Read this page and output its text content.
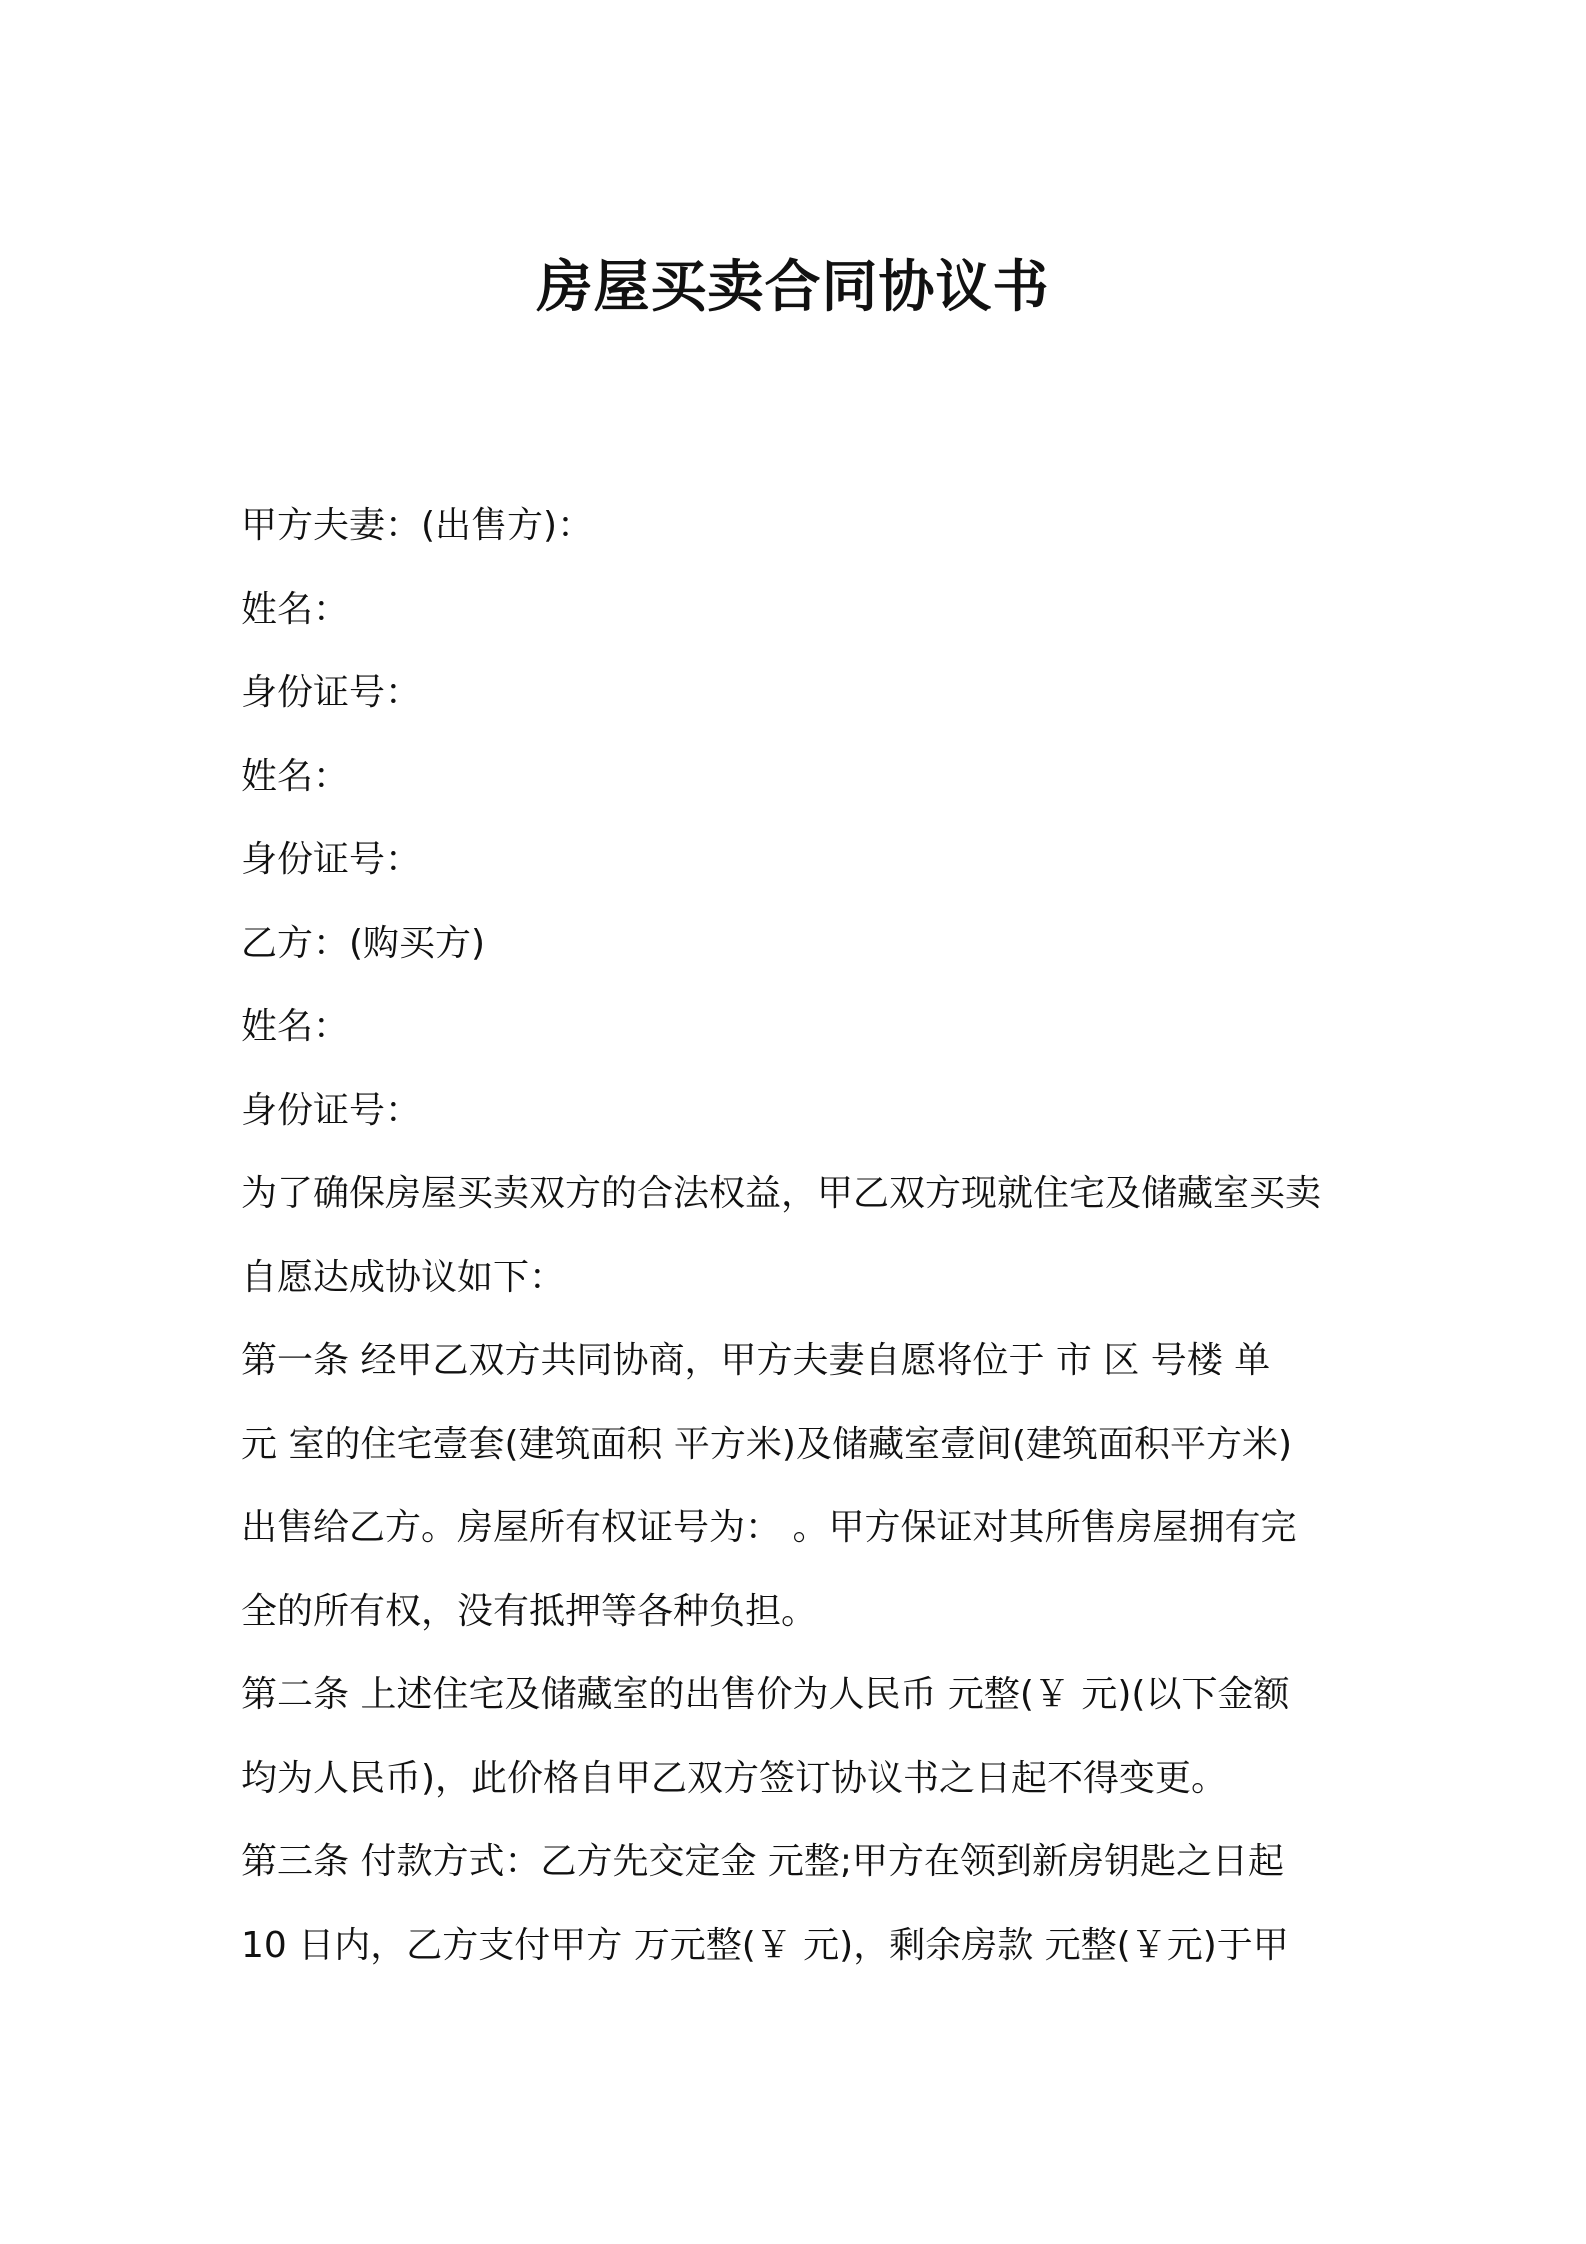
房屋买卖合同协议书
甲方夫妻：(出售方)：
姓名：
身份证号：
姓名：
身份证号：
乙方：(购买方)
姓名：
身份证号：
为了确保房屋买卖双方的合法权益，甲乙双方现就住宅及储藏室买卖
自愿达成协议如下：
第一条 经甲乙双方共同协商，甲方夫妻自愿将位于 市 区 号楼 单
元 室的住宅壹套(建筑面积 平方米)及储藏室壹间(建筑面积平方米)
出售给乙方。房屋所有权证号为： 。甲方保证对其所售房屋拥有完
全的所有权，没有抵押等各种负担。
第二条 上述住宅及储藏室的出售价为人民币 元整(￥ 元)(以下金额
均为人民币)，此价格自甲乙双方签订协议书之日起不得变更。
第三条 付款方式：乙方先交定金 元整;甲方在领到新房钥匙之日起
10 日内，乙方支付甲方 万元整(￥ 元)，剩余房款 元整(￥元)于甲
